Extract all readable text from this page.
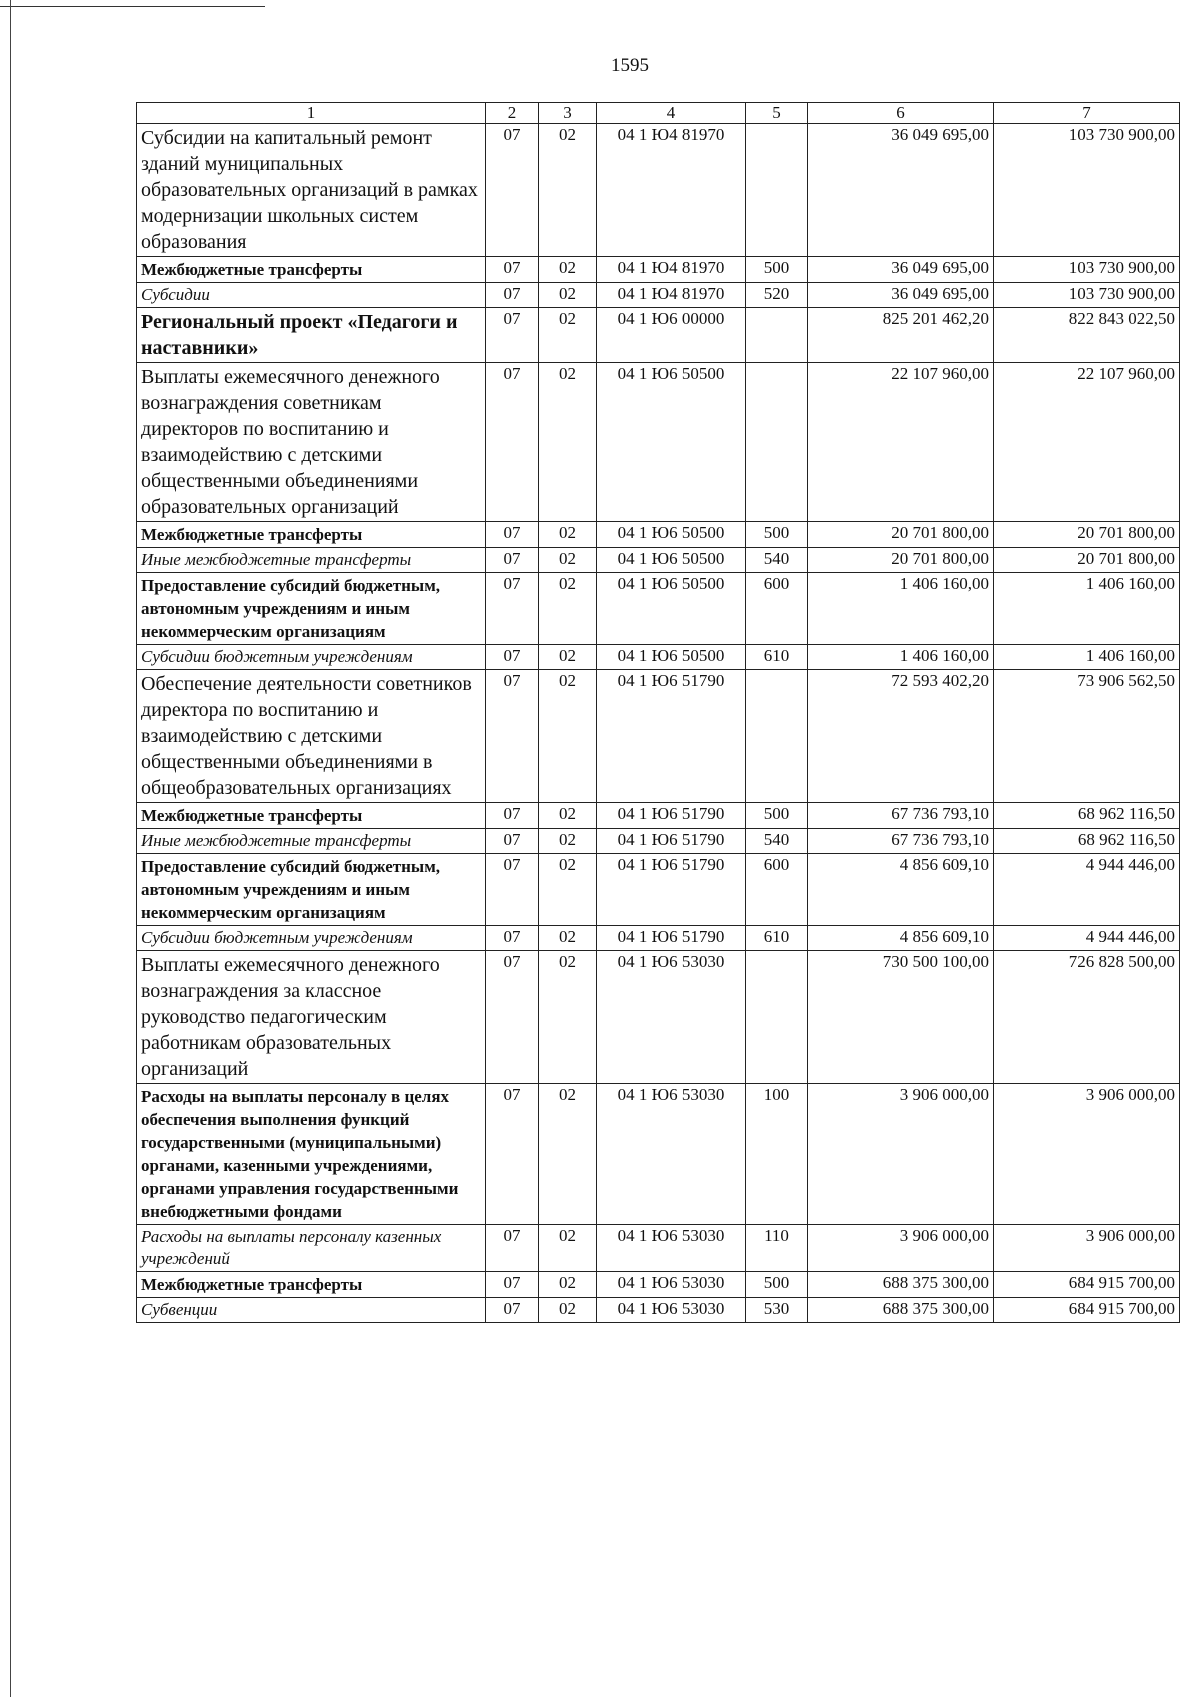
1595
1	2	3	4	5	6	7
Субсидии на капитальный ремонт зданий муниципальных образовательных организаций в рамках модернизации школьных систем образования	07	02	04 1 Ю4 81970		36 049 695,00	103 730 900,00
Межбюджетные трансферты	07	02	04 1 Ю4 81970	500	36 049 695,00	103 730 900,00
Субсидии	07	02	04 1 Ю4 81970	520	36 049 695,00	103 730 900,00
Региональный проект «Педагоги и наставники»	07	02	04 1 Ю6 00000		825 201 462,20	822 843 022,50
Выплаты ежемесячного денежного вознаграждения советникам директоров по воспитанию и взаимодействию с детскими общественными объединениями образовательных организаций	07	02	04 1 Ю6 50500		22 107 960,00	22 107 960,00
Межбюджетные трансферты	07	02	04 1 Ю6 50500	500	20 701 800,00	20 701 800,00
Иные межбюджетные трансферты	07	02	04 1 Ю6 50500	540	20 701 800,00	20 701 800,00
Предоставление субсидий бюджетным, автономным учреждениям и иным некоммерческим организациям	07	02	04 1 Ю6 50500	600	1 406 160,00	1 406 160,00
Субсидии бюджетным учреждениям	07	02	04 1 Ю6 50500	610	1 406 160,00	1 406 160,00
Обеспечение деятельности советников директора по воспитанию и взаимодействию с детскими общественными объединениями в общеобразовательных организациях	07	02	04 1 Ю6 51790		72 593 402,20	73 906 562,50
Межбюджетные трансферты	07	02	04 1 Ю6 51790	500	67 736 793,10	68 962 116,50
Иные межбюджетные трансферты	07	02	04 1 Ю6 51790	540	67 736 793,10	68 962 116,50
Предоставление субсидий бюджетным, автономным учреждениям и иным некоммерческим организациям	07	02	04 1 Ю6 51790	600	4 856 609,10	4 944 446,00
Субсидии бюджетным учреждениям	07	02	04 1 Ю6 51790	610	4 856 609,10	4 944 446,00
Выплаты ежемесячного денежного вознаграждения за классное руководство педагогическим работникам образовательных организаций	07	02	04 1 Ю6 53030		730 500 100,00	726 828 500,00
Расходы на выплаты персоналу в целях обеспечения выполнения функций государственными (муниципальными) органами, казенными учреждениями, органами управления государственными внебюджетными фондами	07	02	04 1 Ю6 53030	100	3 906 000,00	3 906 000,00
Расходы на выплаты персоналу казенных учреждений	07	02	04 1 Ю6 53030	110	3 906 000,00	3 906 000,00
Межбюджетные трансферты	07	02	04 1 Ю6 53030	500	688 375 300,00	684 915 700,00
Субвенции	07	02	04 1 Ю6 53030	530	688 375 300,00	684 915 700,00
